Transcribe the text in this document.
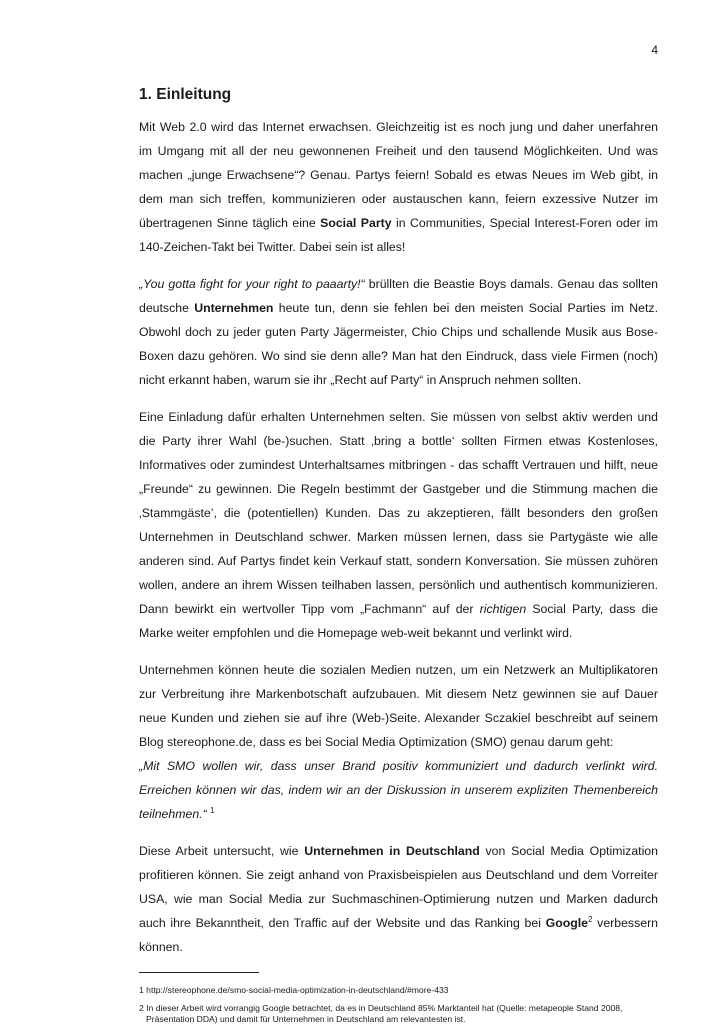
4
1. Einleitung

Mit Web 2.0 wird das Internet erwachsen. Gleichzeitig ist es noch jung und daher unerfahren im Umgang mit all der neu gewonnenen Freiheit und den tausend Möglichkeiten. Und was machen „junge Erwachsene“? Genau. Partys feiern! Sobald es etwas Neues im Web gibt, in dem man sich treffen, kommunizieren oder austauschen kann, feiern exzessive Nutzer im übertragenen Sinne täglich eine Social Party in Communities, Special Interest-Foren oder im 140-Zeichen-Takt bei Twitter. Dabei sein ist alles!

„You gotta fight for your right to paaarty!“ brüllten die Beastie Boys damals. Genau das sollten deutsche Unternehmen heute tun, denn sie fehlen bei den meisten Social Parties im Netz. Obwohl doch zu jeder guten Party Jägermeister, Chio Chips und schallende Musik aus Bose-Boxen dazu gehören. Wo sind sie denn alle? Man hat den Eindruck, dass viele Firmen (noch) nicht erkannt haben, warum sie ihr „Recht auf Party“ in Anspruch nehmen sollten.

Eine Einladung dafür erhalten Unternehmen selten. Sie müssen von selbst aktiv werden und die Party ihrer Wahl (be-)suchen. Statt ‚bring a bottle‘ sollten Firmen etwas Kostenloses, Informatives oder zumindest Unterhaltsames mitbringen - das schafft Vertrauen und hilft, neue „Freunde“ zu gewinnen. Die Regeln bestimmt der Gastgeber und die Stimmung machen die ‚Stammgäste’, die (potentiellen) Kunden. Das zu akzeptieren, fällt besonders den großen Unternehmen in Deutschland schwer. Marken müssen lernen, dass sie Partygäste wie alle anderen sind. Auf Partys findet kein Verkauf statt, sondern Konversation. Sie müssen zuhören wollen, andere an ihrem Wissen teilhaben lassen, persönlich und authentisch kommunizieren. Dann bewirkt ein wertvoller Tipp vom „Fachmann“ auf der richtigen Social Party, dass die Marke weiter empfohlen und die Homepage web-weit bekannt und verlinkt wird.

Unternehmen können heute die sozialen Medien nutzen, um ein Netzwerk an Multiplikatoren zur Verbreitung ihre Markenbotschaft aufzubauen. Mit diesem Netz gewinnen sie auf Dauer neue Kunden und ziehen sie auf ihre (Web-)Seite. Alexander Sczakiel beschreibt auf seinem Blog stereophone.de, dass es bei Social Media Optimization (SMO) genau darum geht:

„Mit SMO wollen wir, dass unser Brand positiv kommuniziert und dadurch verlinkt wird. Erreichen können wir das, indem wir an der Diskussion in unserem expliziten Themenbereich teilnehmen.“ $^1$

Diese Arbeit untersucht, wie Unternehmen in Deutschland von Social Media Optimization profitieren können. Sie zeigt anhand von Praxisbeispielen aus Deutschland und dem Vorreiter USA, wie man Social Media zur Suchmaschinen-Optimierung nutzen und Marken dadurch auch ihre Bekanntheit, den Traffic auf der Website und das Ranking bei Google$^2$ verbessern können.

1 http://stereophone.de/smo-social-media-optimization-in-deutschland/#more-433

2 In dieser Arbeit wird vorrangig Google betrachtet, da es in Deutschland 85% Marktanteil hat (Quelle: metapeople Stand 2008,
Präsentation DDA) und damit für Unternehmen in Deutschland am relevantesten ist.
